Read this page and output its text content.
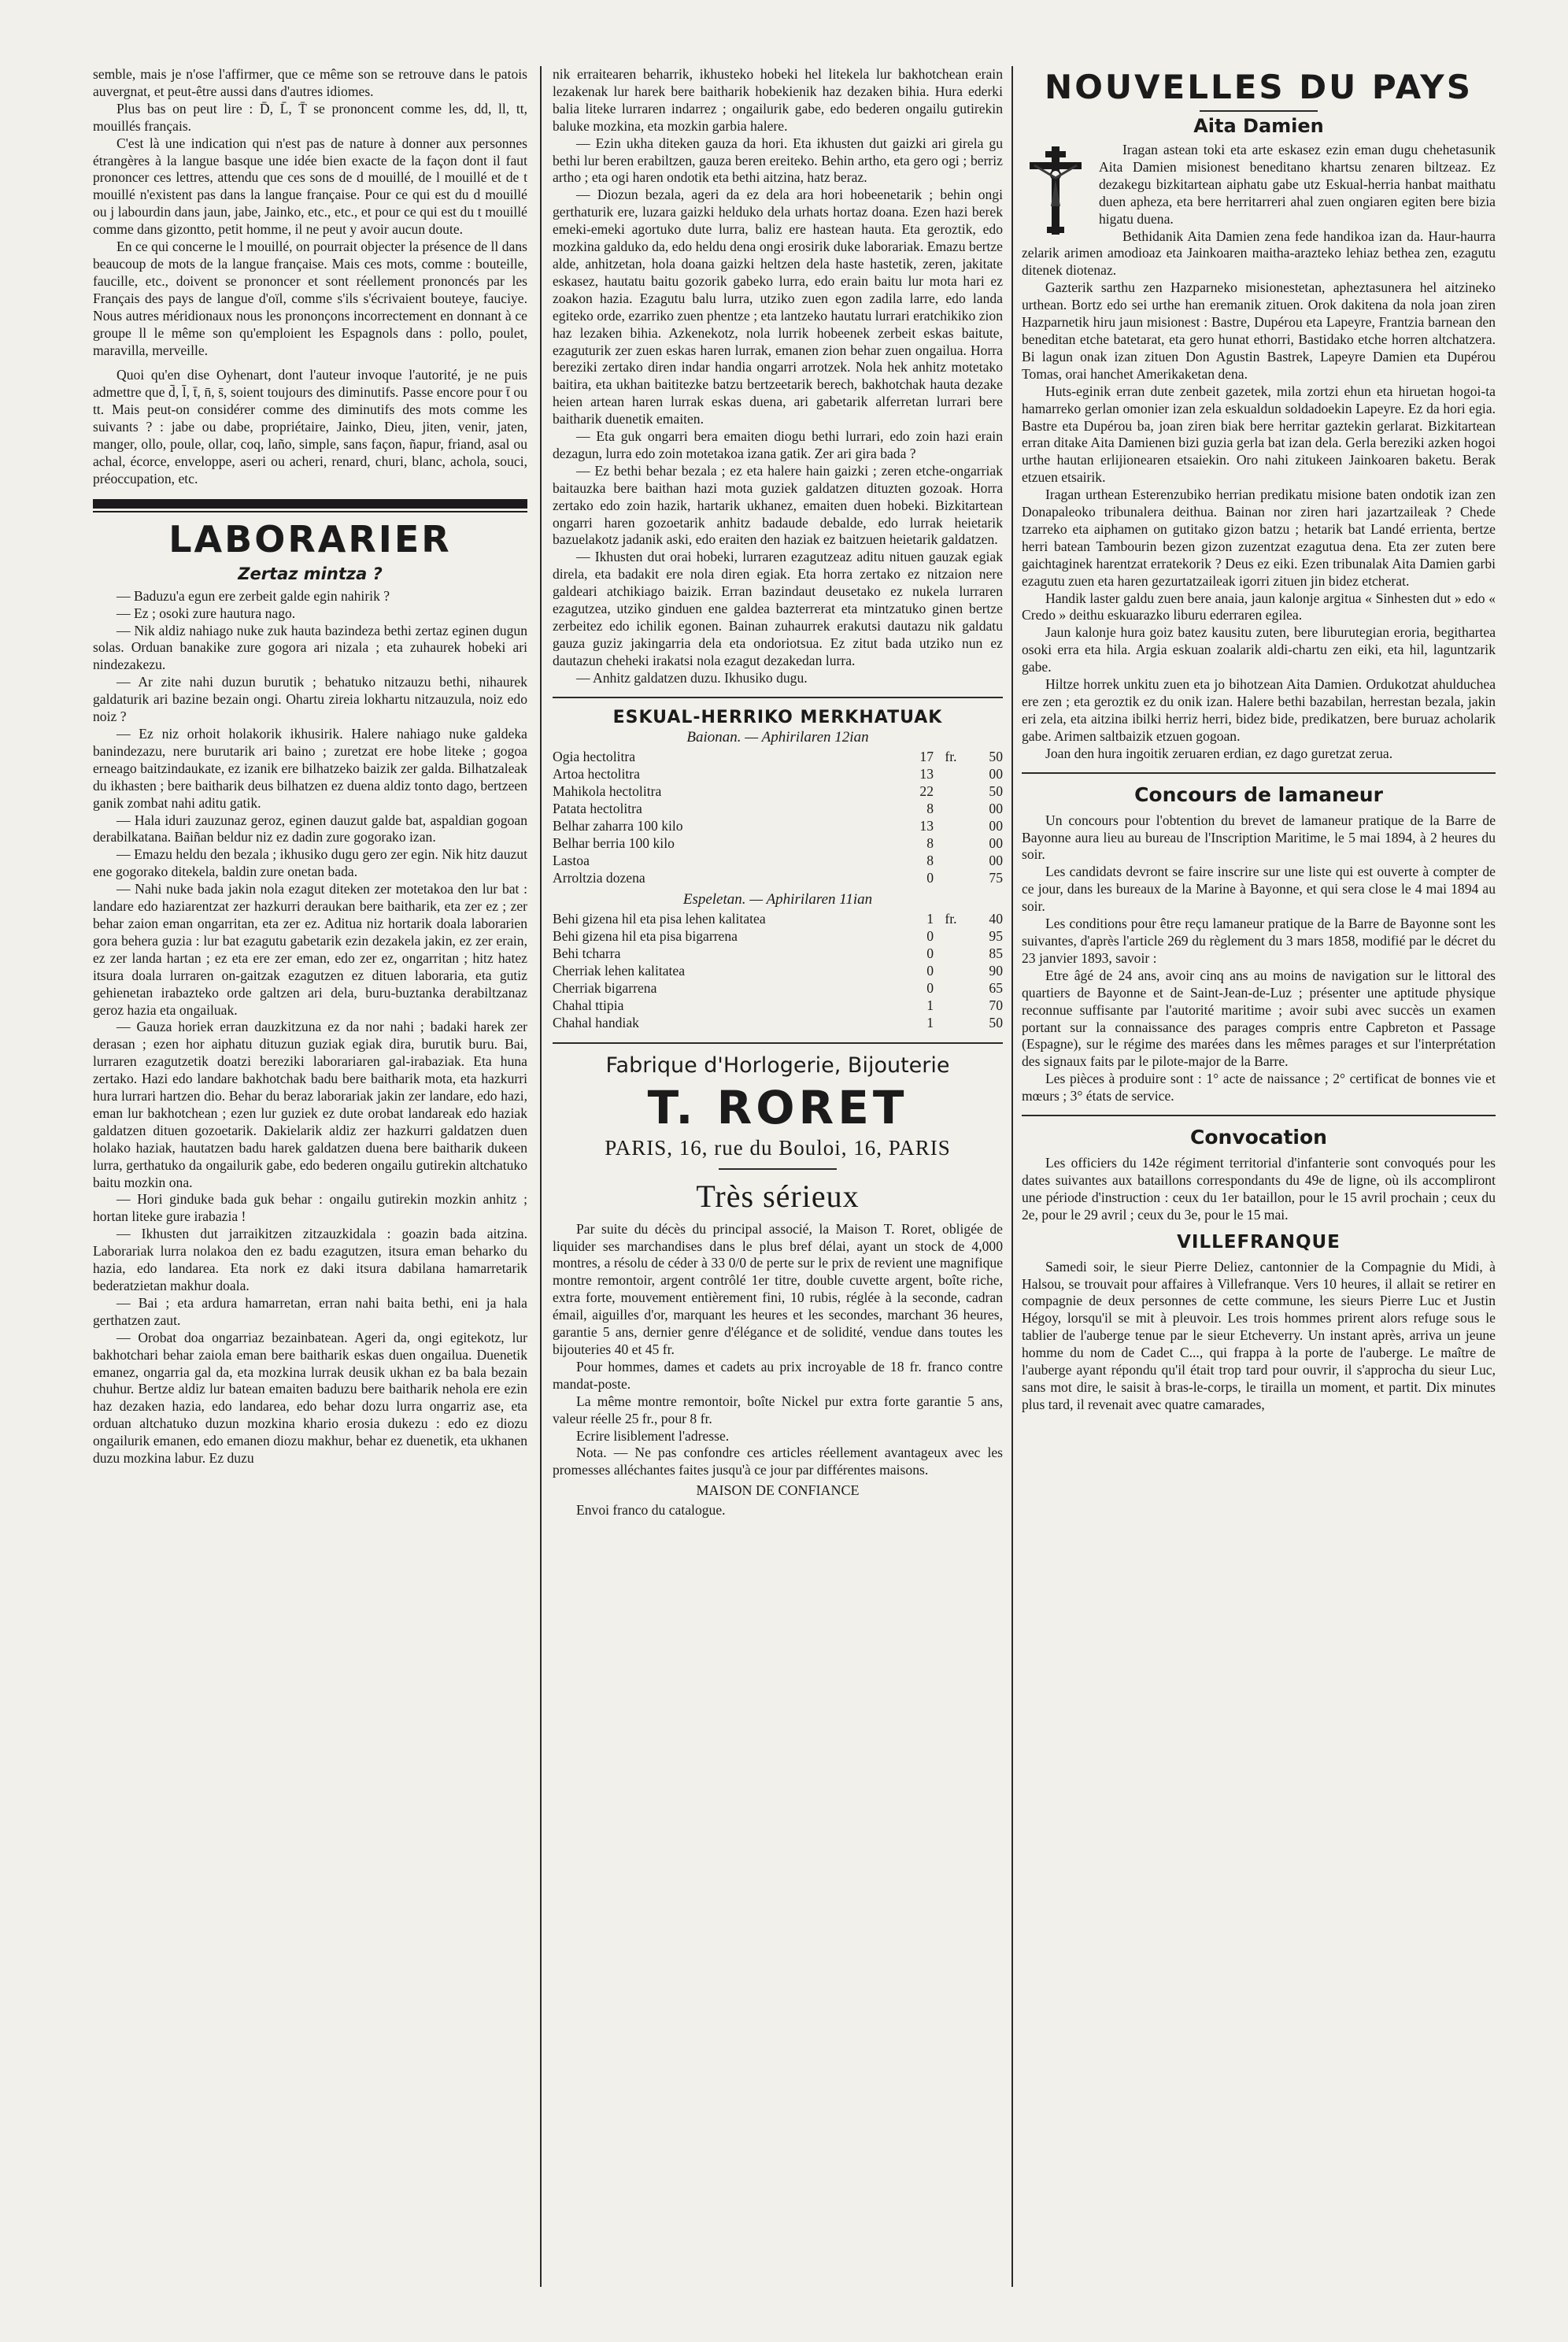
semble, mais je n'ose l'affirmer, que ce même son se retrouve dans le patois auvergnat, et peut-être aussi dans d'autres idiomes.

Plus bas on peut lire : D̄, L̄, T̄ se prononcent comme les, dd, ll, tt, mouillés français.

C'est là une indication qui n'est pas de nature à donner aux personnes étrangères à la langue basque une idée bien exacte de la façon dont il faut prononcer ces lettres, attendu que ces sons de d mouillé, de l mouillé et de t mouillé n'existent pas dans la langue française. Pour ce qui est du d mouillé ou j labourdin dans jaun, jabe, Jainko, etc., etc., et pour ce qui est du t mouillé comme dans gizontto, petit homme, il ne peut y avoir aucun doute.

En ce qui concerne le l mouillé, on pourrait objecter la présence de ll dans beaucoup de mots de la langue française. Mais ces mots, comme : bouteille, faucille, etc., doivent se prononcer et sont réellement prononcés par les Français des pays de langue d'oïl, comme s'ils s'écrivaient bouteye, fauciye. Nous autres méridionaux nous les prononçons incorrectement en donnant à ce groupe ll le même son qu'emploient les Espagnols dans : pollo, poulet, maravilla, merveille.

Quoi qu'en dise Oyhenart, dont l'auteur invoque l'autorité, je ne puis admettre que d̄, l̄, t̄, n̄, s̄, soient toujours des diminutifs. Passe encore pour t̄ ou tt. Mais peut-on considérer comme des diminutifs des mots comme les suivants ? : jabe ou dabe, propriétaire, Jainko, Dieu, jiten, venir, jaten, manger, ollo, poule, ollar, coq, laño, simple, sans façon, ñapur, friand, asal ou achal, écorce, enveloppe, aseri ou acheri, renard, churi, blanc, achola, souci, préoccupation, etc.

LABORARIER
Zertaz mintza ?

— Baduzu'a egun ere zerbeit galde egin nahirik ?

— Ez ; osoki zure hautura nago.

— Nik aldiz nahiago nuke zuk hauta bazindeza bethi zertaz eginen dugun solas. Orduan banakike zure gogora ari nizala ; eta zuhaurek hobeki ari nindezakezu.

— Ar zite nahi duzun burutik ; behatuko nitzauzu bethi, nihaurek galdaturik ari bazine bezain ongi. Ohartu zireia lokhartu nitzauzula, noiz edo noiz ?

— Ez niz orhoit holakorik ikhusirik. Halere nahiago nuke galdeka banindezazu, nere burutarik ari baino ; zuretzat ere hobe liteke ; gogoa erneago baitzindaukate, ez izanik ere bilhatzeko baizik zer galda. Bilhatzaleak du ikhasten ; bere baitharik deus bilhatzen ez duena aldiz tonto dago, bertzeen ganik zombat nahi aditu gatik.

— Hala iduri zauzunaz geroz, eginen dauzut galde bat, aspaldian gogoan derabilkatana. Baiñan beldur niz ez dadin zure gogorako izan.

— Emazu heldu den bezala ; ikhusiko dugu gero zer egin. Nik hitz dauzut ene gogorako ditekela, baldin zure onetan bada.

— Nahi nuke bada jakin nola ezagut diteken zer motetakoa den lur bat : landare edo haziarentzat zer hazkurri deraukan bere baitharik, eta zer ez ; zer behar zaion eman ongarritan, eta zer ez. Aditua niz hortarik doala laborarien gora behera guzia : lur bat ezagutu gabetarik ezin dezakela jakin, ez zer erain, ez zer landa hartan ; ez eta ere zer eman, edo zer ez, ongarritan ; hitz hatez itsura doala lurraren on-gaitzak ezagutzen ez dituen laboraria, eta gutiz gehienetan irabazteko orde galtzen ari dela, buru-buztanka derabiltzanaz geroz hazia eta ongailuak.

— Gauza horiek erran dauzkitzuna ez da nor nahi ; badaki harek zer derasan ; ezen hor aiphatu dituzun guziak egiak dira, burutik buru. Bai, lurraren ezagutzetik doatzi bereziki laborariaren gal-irabaziak. Eta huna zertako. Hazi edo landare bakhotchak badu bere baitharik mota, eta hazkurri hura lurrari hartzen dio. Behar du beraz laborariak jakin zer landare, edo hazi, eman lur bakhotchean ; ezen lur guziek ez dute orobat landareak edo haziak galdatzen dituen gozoetarik. Dakielarik aldiz zer hazkurri galdatzen duen holako haziak, hautatzen badu harek galdatzen duena bere baitharik dukeen lurra, gerthatuko da ongailurik gabe, edo bederen ongailu gutirekin altchatuko baitu mozkin ona.

— Hori ginduke bada guk behar : ongailu gutirekin mozkin anhitz ; hortan liteke gure irabazia !

— Ikhusten dut jarraikitzen zitzauzkidala : goazin bada aitzina. Laborariak lurra nolakoa den ez badu ezagutzen, itsura eman beharko du hazia, edo landarea. Eta nork ez daki itsura dabilana hamarretarik bederatzietan makhur doala.

— Bai ; eta ardura hamarretan, erran nahi baita bethi, eni ja hala gerthatzen zaut.

— Orobat doa ongarriaz bezainbatean. Ageri da, ongi egitekotz, lur bakhotchari behar zaiola eman bere baitharik eskas duen ongailua. Duenetik emanez, ongarria gal da, eta mozkina lurrak deusik ukhan ez ba bala bezain chuhur. Bertze aldiz lur batean emaiten baduzu bere baitharik nehola ere ezin haz dezaken hazia, edo landarea, edo behar dozu lurra ongarriz ase, eta orduan altchatuko duzun mozkina khario erosia dukezu : edo ez diozu ongailurik emanen, edo emanen diozu makhur, behar ez duenetik, eta ukhanen duzu mozkina labur. Ez duzu

nik erraitearen beharrik, ikhusteko hobeki hel litekela lur bakhotchean erain lezakenak lur harek bere baitharik hobekienik haz dezaken bihia. Hura ederki balia liteke lurraren indarrez ; ongailurik gabe, edo bederen ongailu gutirekin baluke mozkina, eta mozkin garbia halere.

— Ezin ukha diteken gauza da hori. Eta ikhusten dut gaizki ari girela gu bethi lur beren erabiltzen, gauza beren ereiteko. Behin artho, eta gero ogi ; berriz artho ; eta ogi haren ondotik eta bethi aitzina, hatz beraz.

— Diozun bezala, ageri da ez dela ara hori hobeenetarik ; behin ongi gerthaturik ere, luzara gaizki helduko dela urhats hortaz doana. Ezen hazi berek emeki-emeki agortuko dute lurra, baliz ere hastean hauta. Eta geroztik, edo mozkina galduko da, edo heldu dena ongi erosirik duke laborariak. Emazu bertze alde, anhitzetan, hola doana gaizki heltzen dela haste hastetik, zeren, jakitate eskasez, hautatu baitu gozorik gabeko lurra, edo erain baitu lur mota hari ez zoakon hazia. Ezagutu balu lurra, utziko zuen egon zadila larre, edo landa egiteko orde, ezarriko zuen phentze ; eta lantzeko hautatu lurrari eratchikiko zion haz lezaken bihia. Azkenekotz, nola lurrik hobeenek zerbeit eskas baitute, ezaguturik zer zuen eskas haren lurrak, emanen zion behar zuen ongailua. Horra bereziki zertako diren indar handia ongarri arrotzek. Nola hek anhitz motetako baitira, eta ukhan baititezke batzu bertzeetarik berech, bakhotchak hauta dezake heien artean haren lurrak eskas duena, ari gabetarik alferretan lurrari bere baitharik duenetik emaiten.

— Eta guk ongarri bera emaiten diogu bethi lurrari, edo zoin hazi erain dezagun, lurra edo zoin motetakoa izana gatik. Zer ari gira bada ?

— Ez bethi behar bezala ; ez eta halere hain gaizki ; zeren etche-ongarriak baitauzka bere baithan hazi mota guziek galdatzen dituzten gozoak. Horra zertako edo zoin hazik, hartarik ukhanez, emaiten duen hobeki. Bizkitartean ongarri haren gozoetarik anhitz badaude debalde, edo lurrak heietarik bazuelakotz jadanik aski, edo eraiten den haziak ez baitzuen heietarik galdatzen.

— Ikhusten dut orai hobeki, lurraren ezagutzeaz aditu nituen gauzak egiak direla, eta badakit ere nola diren egiak. Eta horra zertako ez nitzaion nere galdeari atchikiago baizik. Erran bazindaut deusetako ez nukela lurraren ezagutzea, utziko ginduen ene galdea bazterrerat eta mintzatuko ginen bertze zerbeitez edo ichilik egonen. Bainan zuhaurrek erakutsi dautazu nik galdatu gauza guziz jakingarria dela eta ondoriotsua. Ez zitut bada utziko nun ez dautazun cheheki irakatsi nola ezagut dezakedan lurra.

— Anhitz galdatzen duzu. Ikhusiko dugu.

ESKUAL-HERRIKO MERKHATUAK
Baionan. — Aphirilaren 12ian
Ogia hectolitra	17	fr.	50
Artoa hectolitra	13		00
Mahikola hectolitra	22		50
Patata hectolitra	8		00
Belhar zaharra 100 kilo	13		00
Belhar berria 100 kilo	8		00
Lastoa	8		00
Arroltzia dozena	0		75
Espeletan. — Aphirilaren 11ian
Behi gizena hil eta pisa lehen kalitatea	1	fr.	40
Behi gizena hil eta pisa bigarrena	0		95
Behi tcharra	0		85
Cherriak lehen kalitatea	0		90
Cherriak bigarrena	0		65
Chahal ttipia	1		70
Chahal handiak	1		50
Fabrique d'Horlogerie, Bijouterie
T. RORET
PARIS, 16, rue du Bouloi, 16, PARIS
Très sérieux

Par suite du décès du principal associé, la Maison T. Roret, obligée de liquider ses marchandises dans le plus bref délai, ayant un stock de 4,000 montres, a résolu de céder à 33 0/0 de perte sur le prix de revient une magnifique montre remontoir, argent contrôlé 1er titre, double cuvette argent, boîte riche, extra forte, mouvement entièrement fini, 10 rubis, réglée à la seconde, cadran émail, aiguilles d'or, marquant les heures et les secondes, marchant 36 heures, garantie 5 ans, dernier genre d'élégance et de solidité, vendue dans toutes les bijouteries 40 et 45 fr.

Pour hommes, dames et cadets au prix incroyable de 18 fr. franco contre mandat-poste.

La même montre remontoir, boîte Nickel pur extra forte garantie 5 ans, valeur réelle 25 fr., pour 8 fr.

Ecrire lisiblement l'adresse.

Nota. — Ne pas confondre ces articles réellement avantageux avec les promesses alléchantes faites jusqu'à ce jour par différentes maisons.

MAISON DE CONFIANCE

Envoi franco du catalogue.

NOUVELLES DU PAYS
Aita Damien

Iragan astean toki eta arte eskasez ezin eman dugu chehetasunik Aita Damien misionest beneditano khartsu zenaren biltzeaz. Ez dezakegu bizkitartean aiphatu gabe utz Eskual-herria hanbat maithatu duen apheza, eta bere herritarreri ahal zuen ongiaren egiten bere bizia higatu duena.

Bethidanik Aita Damien zena fede handikoa izan da. Haur-haurra zelarik arimen amodioaz eta Jainkoaren maitha-arazteko lehiaz bethea zen, ezagutu ditenek diotenaz.

Gazterik sarthu zen Hazparneko misionestetan, apheztasunera hel aitzineko urthean. Bortz edo sei urthe han eremanik zituen. Orok dakitena da nola joan ziren Hazparnetik hiru jaun misionest : Bastre, Dupérou eta Lapeyre, Frantzia barnean den beneditan etche batetarat, eta gero hunat ethorri, Bastidako etche horren altchatzera. Bi lagun onak izan zituen Don Agustin Bastrek, Lapeyre Damien eta Dupérou Tomas, orai hanchet Amerikaketan dena.

Huts-eginik erran dute zenbeit gazetek, mila zortzi ehun eta hiruetan hogoi-ta hamarreko gerlan omonier izan zela eskualdun soldadoekin Lapeyre. Ez da hori egia. Bastre eta Dupérou ba, joan ziren biak bere herritar gaztekin gerlarat. Bizkitartean erran ditake Aita Damienen bizi guzia gerla bat izan dela. Gerla bereziki azken hogoi urthe hautan erlijionearen etsaiekin. Oro nahi zitukeen Jainkoaren baketu. Berak etzuen etsairik.

Iragan urthean Esterenzubiko herrian predikatu misione baten ondotik izan zen Donapaleoko tribunalera deithua. Bainan nor ziren hari jazartzaileak ? Chede tzarreko eta aiphamen on gutitako gizon batzu ; hetarik bat Landé errienta, bertze herri batean Tambourin bezen gizon zuzentzat ezagutua dena. Eta zer zuten bere gaichtaginek harentzat erratekorik ? Deus ez eiki. Ezen tribunalak Aita Damien garbi ezagutu zuen eta haren gezurtatzaileak igorri zituen jin bidez etcherat.

Handik laster galdu zuen bere anaia, jaun kalonje argitua « Sinhesten dut » edo « Credo » deithu eskuarazko liburu ederraren egilea.

Jaun kalonje hura goiz batez kausitu zuten, bere liburutegian eroria, begithartea osoki erra eta hila. Argia eskuan zoalarik aldi-chartu zen eiki, eta hil, laguntzarik gabe.

Hiltze horrek unkitu zuen eta jo bihotzean Aita Damien. Ordukotzat ahulduchea ere zen ; eta geroztik ez du onik izan. Halere bethi bazabilan, herrestan bezala, jakin eri zela, eta aitzina ibilki herriz herri, bidez bide, predikatzen, bere buruaz acholarik gabe. Arimen saltbaizik etzuen gogoan.

Joan den hura ingoitik zeruaren erdian, ez dago guretzat zerua.

Concours de lamaneur

Un concours pour l'obtention du brevet de lamaneur pratique de la Barre de Bayonne aura lieu au bureau de l'Inscription Maritime, le 5 mai 1894, à 2 heures du soir.

Les candidats devront se faire inscrire sur une liste qui est ouverte à compter de ce jour, dans les bureaux de la Marine à Bayonne, et qui sera close le 4 mai 1894 au soir.

Les conditions pour être reçu lamaneur pratique de la Barre de Bayonne sont les suivantes, d'après l'article 269 du règlement du 3 mars 1858, modifié par le décret du 23 janvier 1893, savoir :

Etre âgé de 24 ans, avoir cinq ans au moins de navigation sur le littoral des quartiers de Bayonne et de Saint-Jean-de-Luz ; présenter une aptitude physique reconnue suffisante par l'autorité maritime ; avoir subi avec succès un examen portant sur la connaissance des parages compris entre Capbreton et Passage (Espagne), sur le régime des marées dans les mêmes parages et sur l'interprétation des signaux faits par le pilote-major de la Barre.

Les pièces à produire sont : 1° acte de naissance ; 2° certificat de bonnes vie et mœurs ; 3° états de service.

Convocation

Les officiers du 142e régiment territorial d'infanterie sont convoqués pour les dates suivantes aux bataillons correspondants du 49e de ligne, où ils accompliront une période d'instruction : ceux du 1er bataillon, pour le 15 avril prochain ; ceux du 2e, pour le 29 avril ; ceux du 3e, pour le 15 mai.

VILLEFRANQUE

Samedi soir, le sieur Pierre Deliez, cantonnier de la Compagnie du Midi, à Halsou, se trouvait pour affaires à Villefranque. Vers 10 heures, il allait se retirer en compagnie de deux personnes de cette commune, les sieurs Pierre Luc et Justin Hégoy, lorsqu'il se mit à pleuvoir. Les trois hommes prirent alors refuge sous le tablier de l'auberge tenue par le sieur Etcheverry. Un instant après, arriva un jeune homme du nom de Cadet C..., qui frappa à la porte de l'auberge. Le maître de l'auberge ayant répondu qu'il était trop tard pour ouvrir, il s'approcha du sieur Luc, sans mot dire, le saisit à bras-le-corps, le tirailla un moment, et partit. Dix minutes plus tard, il revenait avec quatre camarades,
